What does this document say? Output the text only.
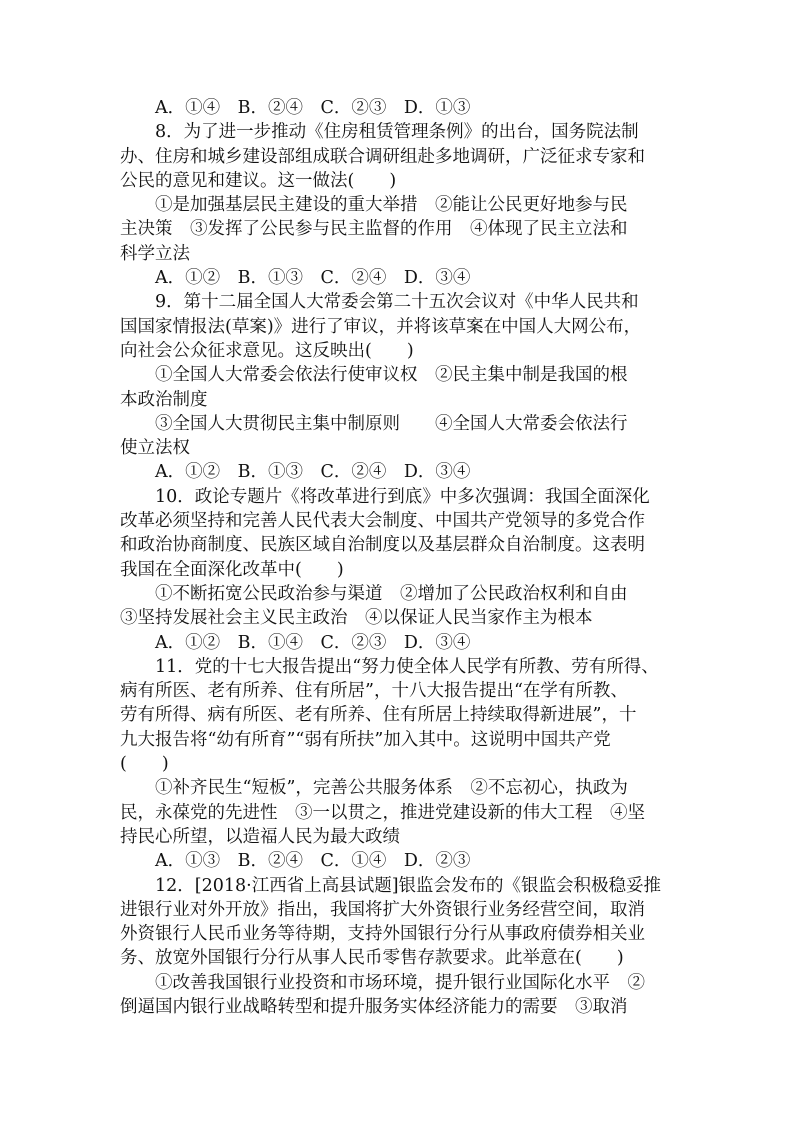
A．①④　B．②④　C．②③　D．①③
8．为了进一步推动《住房租赁管理条例》的出台，国务院法制
办、住房和城乡建设部组成联合调研组赴多地调研，广泛征求专家和
公民的意见和建议。这一做法(　　)
①是加强基层民主建设的重大举措　②能让公民更好地参与民
主决策　③发挥了公民参与民主监督的作用　④体现了民主立法和
科学立法
A．①②　B．①③　C．②④　D．③④
9．第十二届全国人大常委会第二十五次会议对《中华人民共和
国国家情报法(草案)》进行了审议，并将该草案在中国人大网公布，
向社会公众征求意见。这反映出(　　)
①全国人大常委会依法行使审议权　②民主集中制是我国的根
本政治制度
③全国人大贯彻民主集中制原则　　④全国人大常委会依法行
使立法权
A．①②　B．①③　C．②④　D．③④
10．政论专题片《将改革进行到底》中多次强调：我国全面深化
改革必须坚持和完善人民代表大会制度、中国共产党领导的多党合作
和政治协商制度、民族区域自治制度以及基层群众自治制度。这表明
我国在全面深化改革中(　　)
①不断拓宽公民政治参与渠道　②增加了公民政治权利和自由
③坚持发展社会主义民主政治　④以保证人民当家作主为根本
A．①②　B．①④　C．②③　D．③④
11．党的十七大报告提出“努力使全体人民学有所教、劳有所得、
病有所医、老有所养、住有所居”，十八大报告提出“在学有所教、
劳有所得、病有所医、老有所养、住有所居上持续取得新进展”，十
九大报告将“幼有所育”“弱有所扶”加入其中。这说明中国共产党
(　　)
①补齐民生“短板”，完善公共服务体系　②不忘初心，执政为
民，永葆党的先进性　③一以贯之，推进党建设新的伟大工程　④坚
持民心所望，以造福人民为最大政绩
A．①③　B．②④　C．①④　D．②③
12．[2018·江西省上高县试题]银监会发布的《银监会积极稳妥推
进银行业对外开放》指出，我国将扩大外资银行业务经营空间，取消
外资银行人民币业务等待期，支持外国银行分行从事政府债券相关业
务、放宽外国银行分行从事人民币零售存款要求。此举意在(　　)
①改善我国银行业投资和市场环境，提升银行业国际化水平　②
倒逼国内银行业战略转型和提升服务实体经济能力的需要　③取消
